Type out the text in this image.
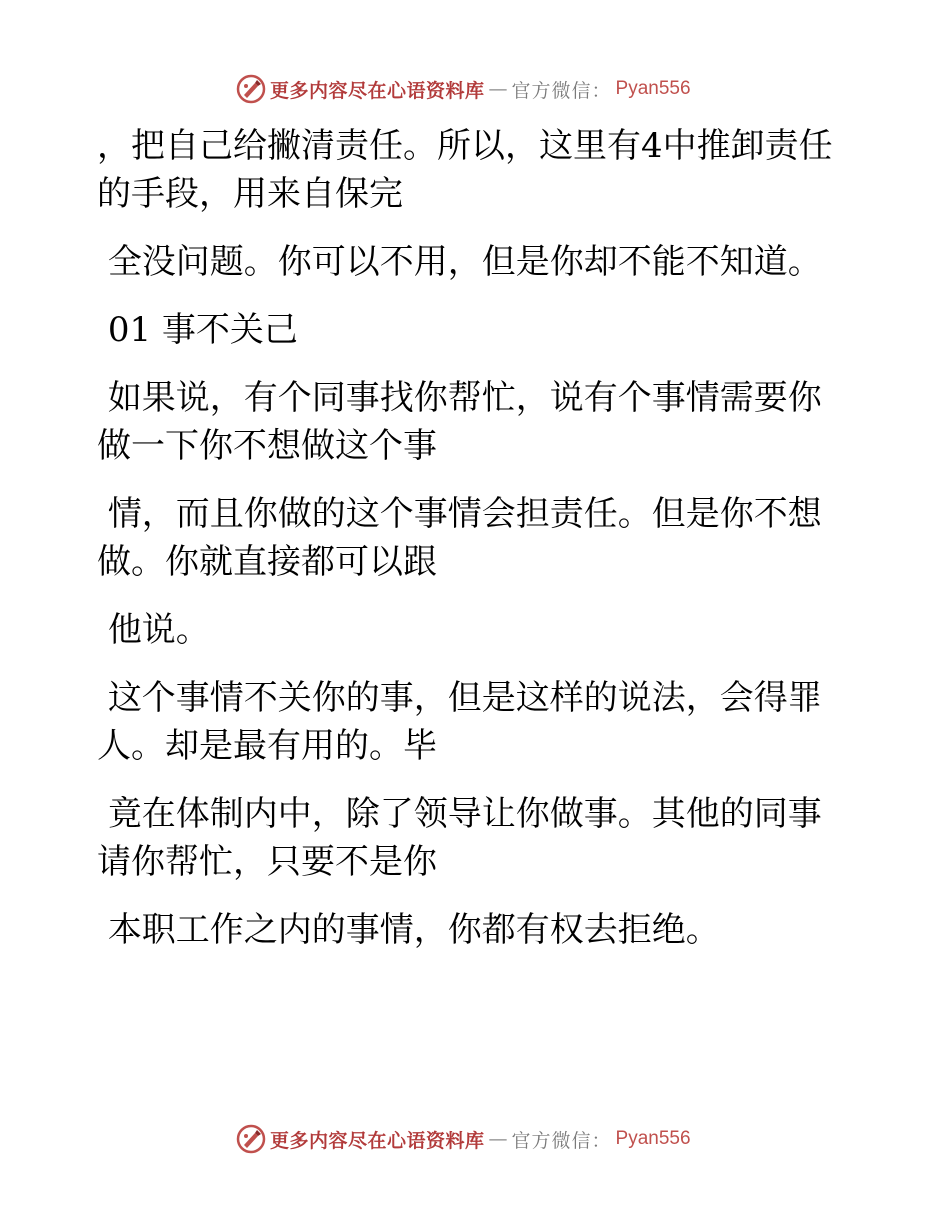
更多内容尽在心语资料库 — 官方微信： Pyan556

，把自己给撇清责任。所以，这里有4中推卸责任的手段，用来自保完

全没问题。你可以不用，但是你却不能不知道。

01 事不关己

如果说，有个同事找你帮忙，说有个事情需要你做一下你不想做这个事

情，而且你做的这个事情会担责任。但是你不想做。你就直接都可以跟

他说。

这个事情不关你的事，但是这样的说法，会得罪人。却是最有用的。毕

竟在体制内中，除了领导让你做事。其他的同事请你帮忙，只要不是你

本职工作之内的事情，你都有权去拒绝。

更多内容尽在心语资料库 — 官方微信： Pyan556
